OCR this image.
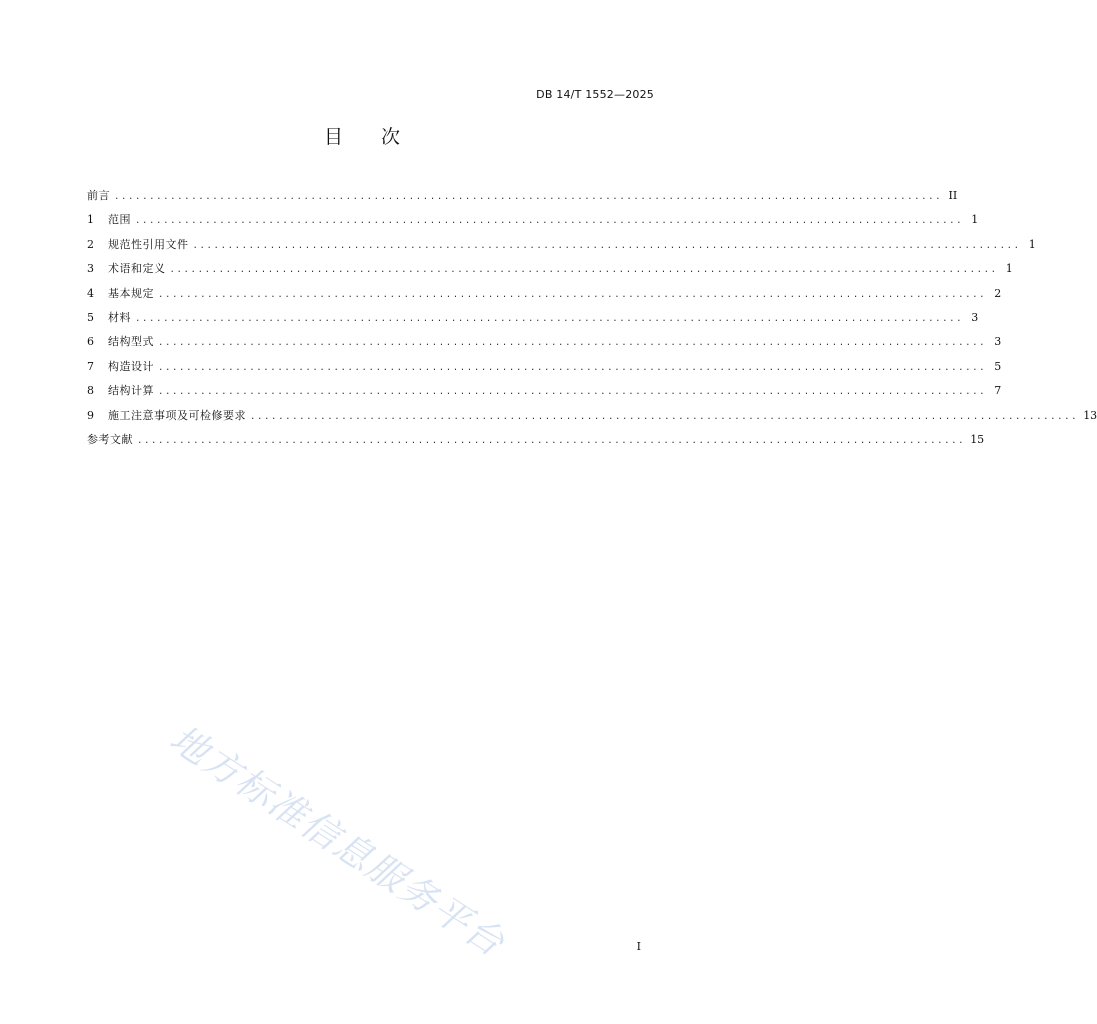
DB 14/T 1552—2025
目次
前言 ...................................................................................................................... II
1	范围 ...................................................................................................................... 1
2	规范性引用文件 ...................................................................................................................... 1
3	术语和定义 ...................................................................................................................... 1
4	基本规定 ...................................................................................................................... 2
5	材料 ...................................................................................................................... 3
6	结构型式 ...................................................................................................................... 3
7	构造设计 ...................................................................................................................... 5
8	结构计算 ...................................................................................................................... 7
9	施工注意事项及可检修要求 ...................................................................................................................... 13
参考文献 ...................................................................................................................... 15
地方标准信息服务平台	I
